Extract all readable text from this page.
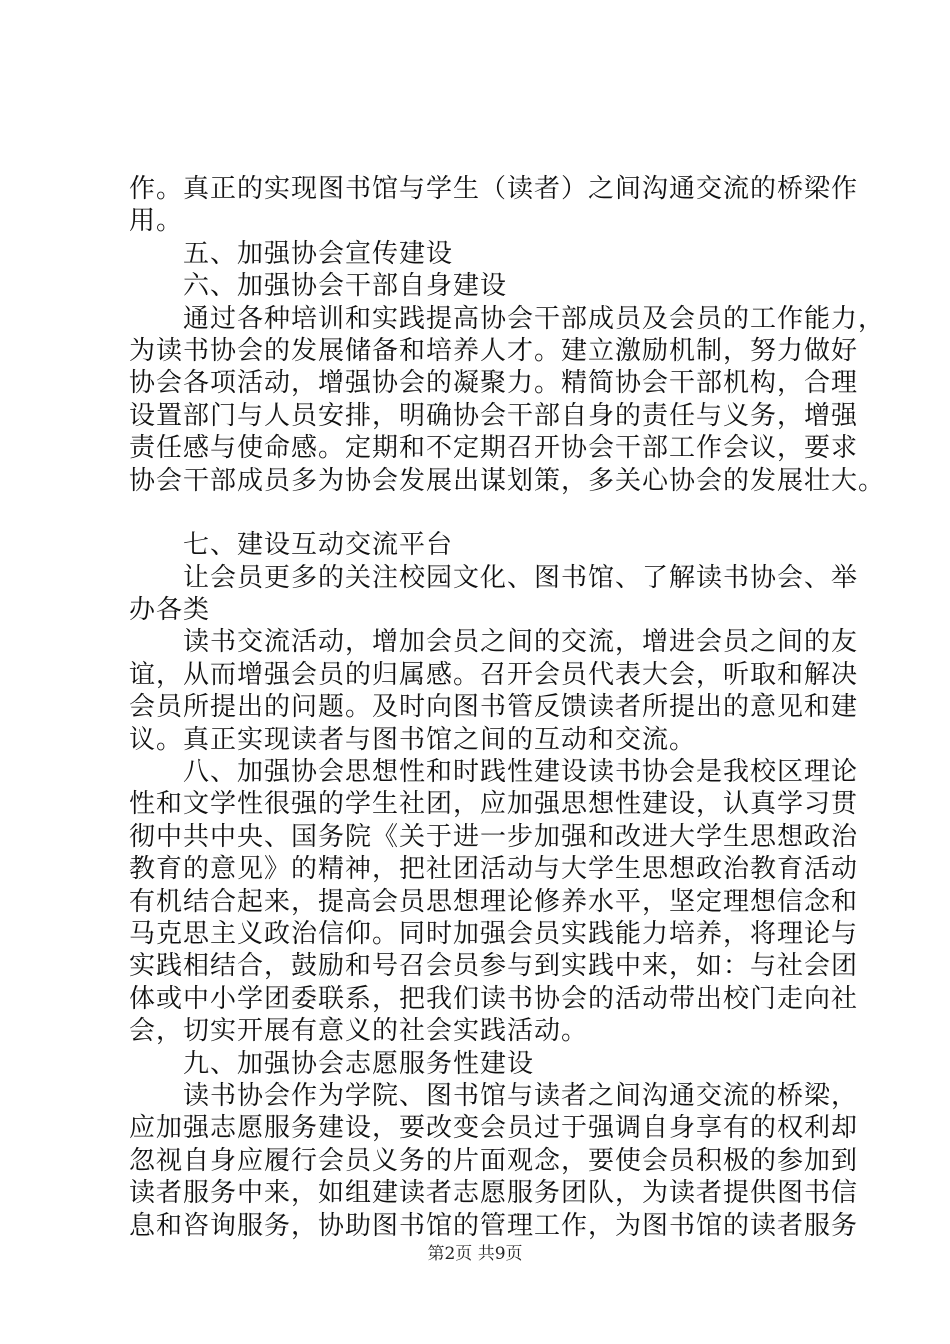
作。真正的实现图书馆与学生（读者）之间沟通交流的桥梁作
用。
五、加强协会宣传建设
六、加强协会干部自身建设
通过各种培训和实践提高协会干部成员及会员的工作能力，
为读书协会的发展储备和培养人才。建立激励机制，努力做好
协会各项活动，增强协会的凝聚力。精简协会干部机构，合理
设置部门与人员安排，明确协会干部自身的责任与义务，增强
责任感与使命感。定期和不定期召开协会干部工作会议，要求
协会干部成员多为协会发展出谋划策，多关心协会的发展壮大。
七、建设互动交流平台
让会员更多的关注校园文化、图书馆、了解读书协会、举
办各类
读书交流活动，增加会员之间的交流，增进会员之间的友
谊，从而增强会员的归属感。召开会员代表大会，听取和解决
会员所提出的问题。及时向图书管反馈读者所提出的意见和建
议。真正实现读者与图书馆之间的互动和交流。
八、加强协会思想性和时践性建设读书协会是我校区理论
性和文学性很强的学生社团，应加强思想性建设，认真学习贯
彻中共中央、国务院《关于进一步加强和改进大学生思想政治
教育的意见》的精神，把社团活动与大学生思想政治教育活动
有机结合起来，提高会员思想理论修养水平，坚定理想信念和
马克思主义政治信仰。同时加强会员实践能力培养，将理论与
实践相结合，鼓励和号召会员参与到实践中来，如：与社会团
体或中小学团委联系，把我们读书协会的活动带出校门走向社
会，切实开展有意义的社会实践活动。
九、加强协会志愿服务性建设
读书协会作为学院、图书馆与读者之间沟通交流的桥梁，
应加强志愿服务建设，要改变会员过于强调自身享有的权利却
忽视自身应履行会员义务的片面观念，要使会员积极的参加到
读者服务中来，如组建读者志愿服务团队，为读者提供图书信
息和咨询服务，协助图书馆的管理工作，为图书馆的读者服务
第2页 共9页
